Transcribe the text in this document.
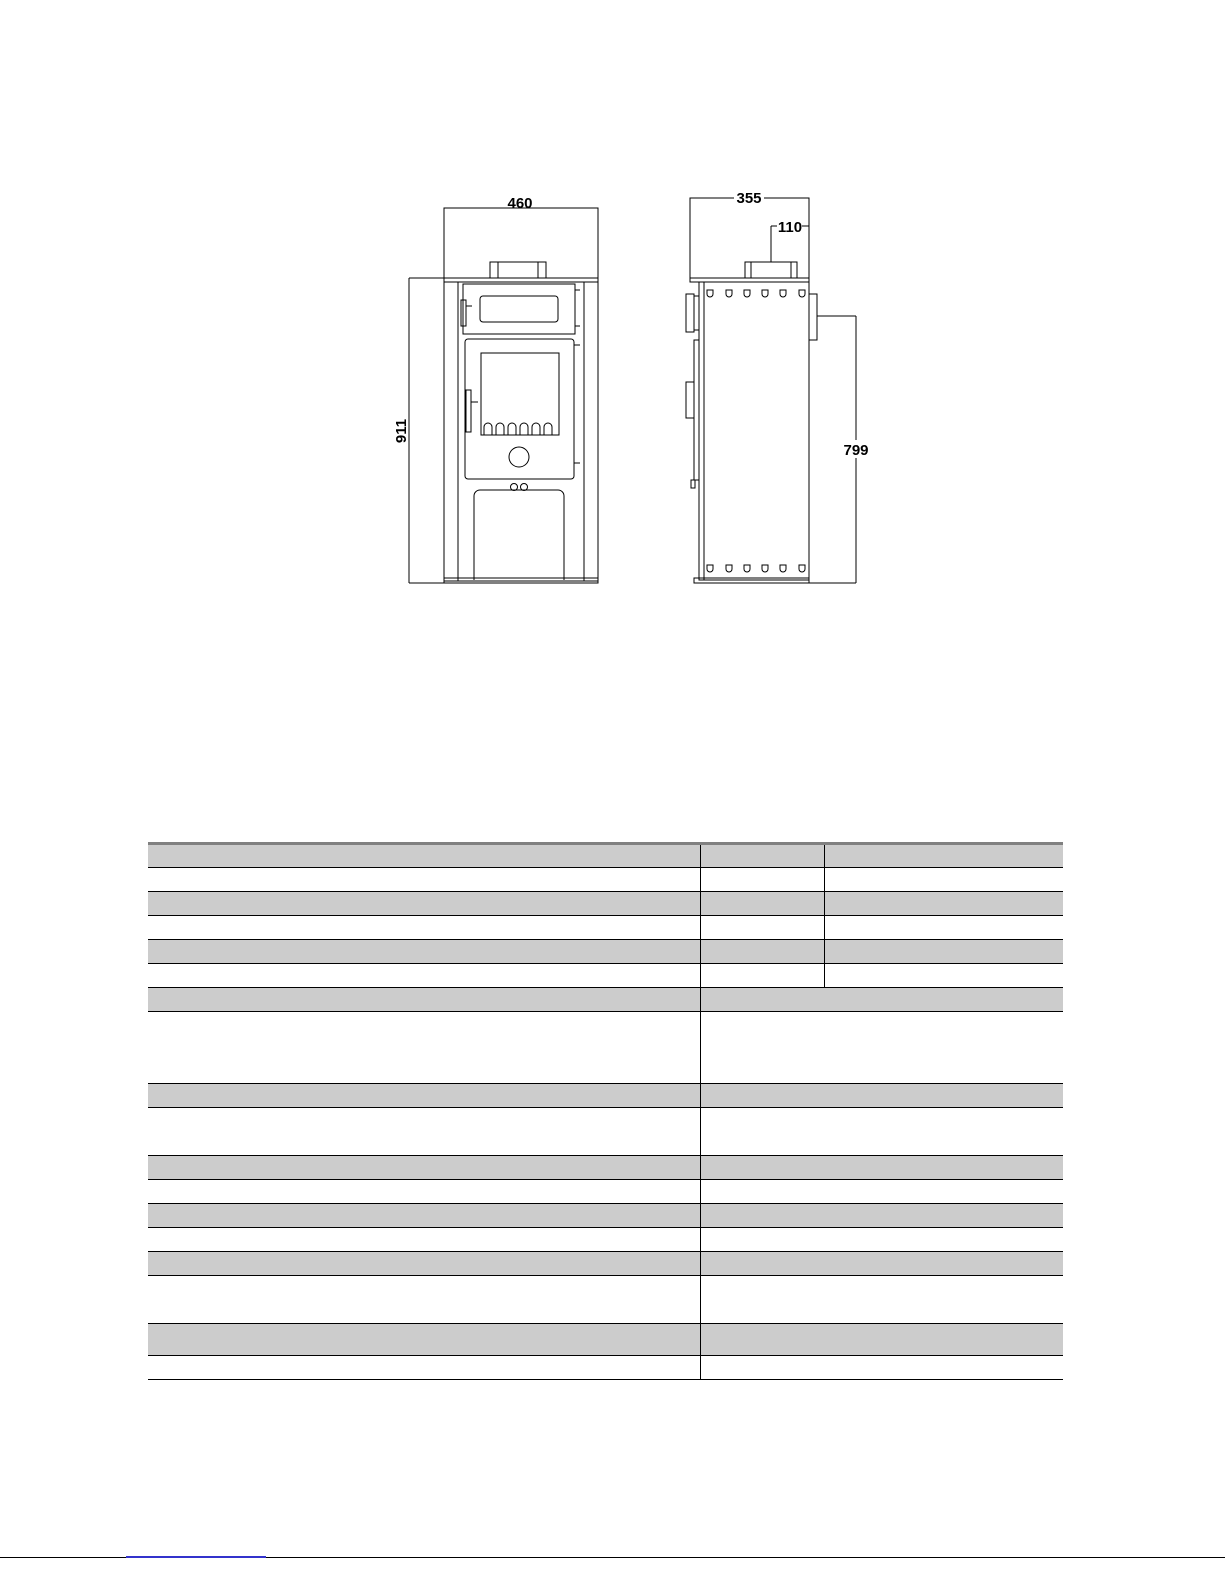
460
911
355
110
799
